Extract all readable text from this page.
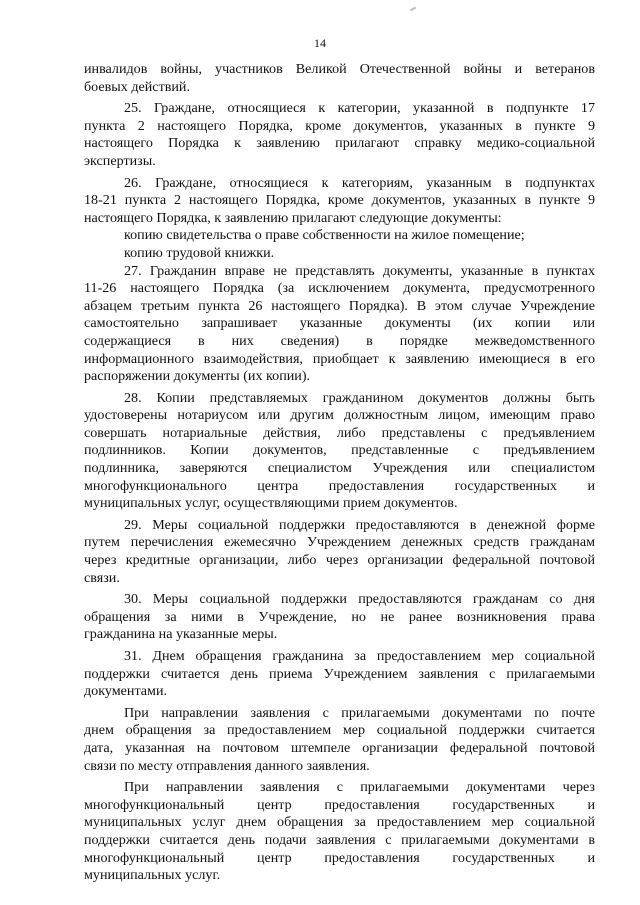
14

инвалидов войны, участников Великой Отечественной войны и ветеранов

боевых действий.

25. Граждане, относящиеся к категории, указанной в подпункте 17

пункта 2 настоящего Порядка, кроме документов, указанных в пункте 9

настоящего Порядка к заявлению прилагают справку медико-социальной

экспертизы.

26. Граждане, относящиеся к категориям, указанным в подпунктах

18-21 пункта 2 настоящего Порядка, кроме документов, указанных в пункте 9

настоящего Порядка, к заявлению прилагают следующие документы:

копию свидетельства о праве собственности на жилое помещение;

копию трудовой книжки.

27. Гражданин вправе не представлять документы, указанные в пунктах

11-26 настоящего Порядка (за исключением документа, предусмотренного

абзацем третьим пункта 26 настоящего Порядка). В этом случае Учреждение

самостоятельно запрашивает указанные документы (их копии или

содержащиеся в них сведения) в порядке межведомственного

информационного взаимодействия, приобщает к заявлению имеющиеся в его

распоряжении документы (их копии).

28. Копии представляемых гражданином документов должны быть

удостоверены нотариусом или другим должностным лицом, имеющим право

совершать нотариальные действия, либо представлены с предъявлением

подлинников. Копии документов, представленные с предъявлением

подлинника, заверяются специалистом Учреждения или специалистом

многофункционального центра предоставления государственных и

муниципальных услуг, осуществляющими прием документов.

29. Меры социальной поддержки предоставляются в денежной форме

путем перечисления ежемесячно Учреждением денежных средств гражданам

через кредитные организации, либо через организации федеральной почтовой

связи.

30. Меры социальной поддержки предоставляются гражданам со дня

обращения за ними в Учреждение, но не ранее возникновения права

гражданина на указанные меры.

31. Днем обращения гражданина за предоставлением мер социальной

поддержки считается день приема Учреждением заявления с прилагаемыми

документами.

При направлении заявления с прилагаемыми документами по почте

днем обращения за предоставлением мер социальной поддержки считается

дата, указанная на почтовом штемпеле организации федеральной почтовой

связи по месту отправления данного заявления.

При направлении заявления с прилагаемыми документами через

многофункциональный центр предоставления государственных и

муниципальных услуг днем обращения за предоставлением мер социальной

поддержки считается день подачи заявления с прилагаемыми документами в

многофункциональный центр предоставления государственных и

муниципальных услуг.
